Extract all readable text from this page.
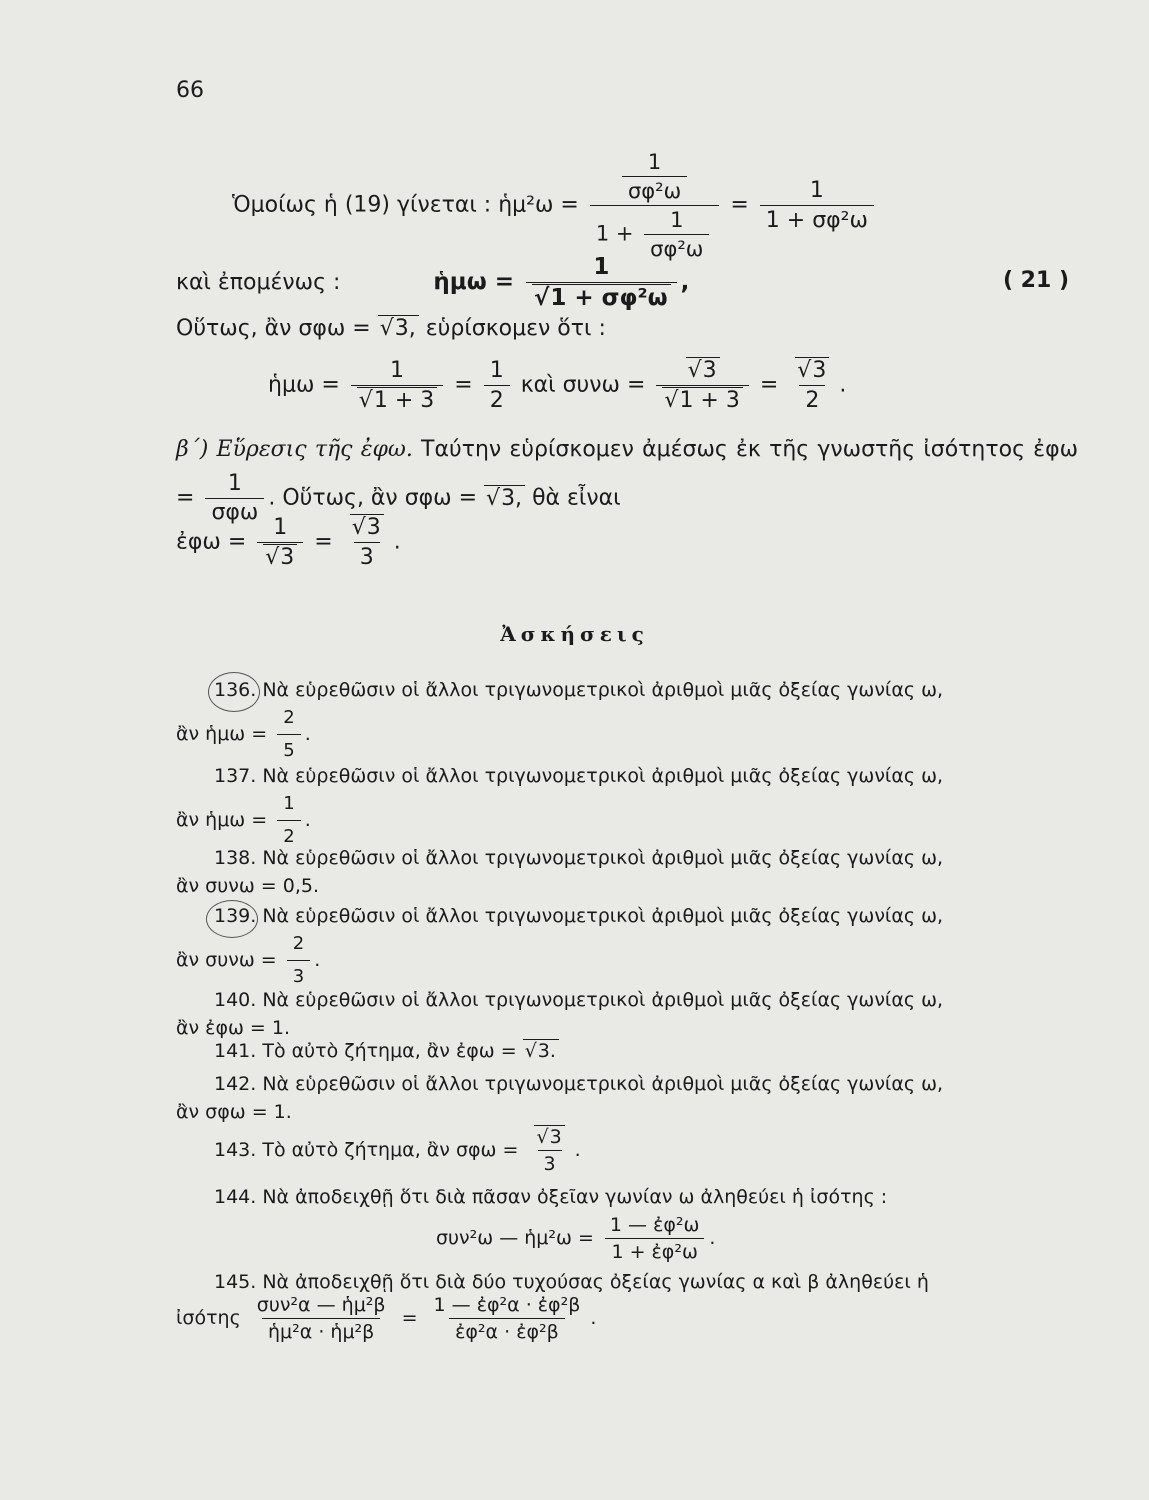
66
Ὁμοίως ἡ (19) γίνεται : ἡμ²ω = $\frac{\frac{1}{\text{σφ²ω}}}{1 + \frac{1}{\text{σφ²ω}}} = \frac{1}{\text{1 + σφ²ω}}$
καὶ ἐπομένως :	ἡμω = 1
√ 1 + σφ²ω ,	( 21 )
Οὕτως, ἂν σφω = √ 3, εὑρίσκομεν ὅτι :
ἡμω = 1
√ $1 + 3 = \frac{1}{2}$ καὶ συνω = √ 3
√ 1 + 3 = √ $\frac{3}{2}$ .
β΄) Εὕρεσις τῆς ἐφω. Ταύτην εὑρίσκομεν ἀμέσως ἐκ τῆς γνωστῆς ἰσότητος ἐφω = $\frac{1}{\text{σφω}}$ . Οὕτως, ἂν σφω = √ 3, θὰ εἶναι
ἐφω = 1
√ 3 = √ $\frac{3}{3}$ .
Ἀσκήσεις
136. Νὰ εὑρεθῶσιν οἱ ἄλλοι τριγωνομετρικοὶ ἀριθμοὶ μιᾶς ὀξείας γωνίας ω,
ἂν ἡμω = $\frac{2}{5}$ .
137. Νὰ εὑρεθῶσιν οἱ ἄλλοι τριγωνομετρικοὶ ἀριθμοὶ μιᾶς ὀξείας γωνίας ω,
ἂν ἡμω = $\frac{1}{2}$ .
138. Νὰ εὑρεθῶσιν οἱ ἄλλοι τριγωνομετρικοὶ ἀριθμοὶ μιᾶς ὀξείας γωνίας ω,
ἂν συνω = 0,5.
139. Νὰ εὑρεθῶσιν οἱ ἄλλοι τριγωνομετρικοὶ ἀριθμοὶ μιᾶς ὀξείας γωνίας ω,
ἂν $\sigma\upsilon\nu\omega = \frac{2}{3}$ .
140. Νὰ εὑρεθῶσιν οἱ ἄλλοι τριγωνομετρικοὶ ἀριθμοὶ μιᾶς ὀξείας γωνίας ω,
ἂν ἐφω = 1.
141. Τὸ αὐτὸ ζήτημα, ἂν ἐφω = √ 3.
142. Νὰ εὑρεθῶσιν οἱ ἄλλοι τριγωνομετρικοὶ ἀριθμοὶ μιᾶς ὀξείας γωνίας ω,
ἂν σφω = 1.
143. Τὸ αὐτὸ ζήτημα, ἂν σφω = √ $\frac{3}{3}$ .
144. Νὰ ἀποδειχθῇ ὅτι διὰ πᾶσαν ὀξεῖαν γωνίαν ω ἀληθεύει ἡ ἰσότης :
συν²ω — ἡμ²ω = $\frac{\text{1 — ἐφ²ω}}{\text{1 + ἐφ²ω}}$ .
145. Νὰ ἀποδειχθῇ ὅτι διὰ δύο τυχούσας ὀξείας γωνίας α καὶ β ἀληθεύει ἡ
ἰσότης $\frac{\text{συν²α — ἡμ²β}}{\text{ἡμ²α · ἡμ²β}} = \frac{\text{1 — ἐφ²α · ἐφ²β}}{\text{ἐφ²α · ἐφ²β}}$ .
